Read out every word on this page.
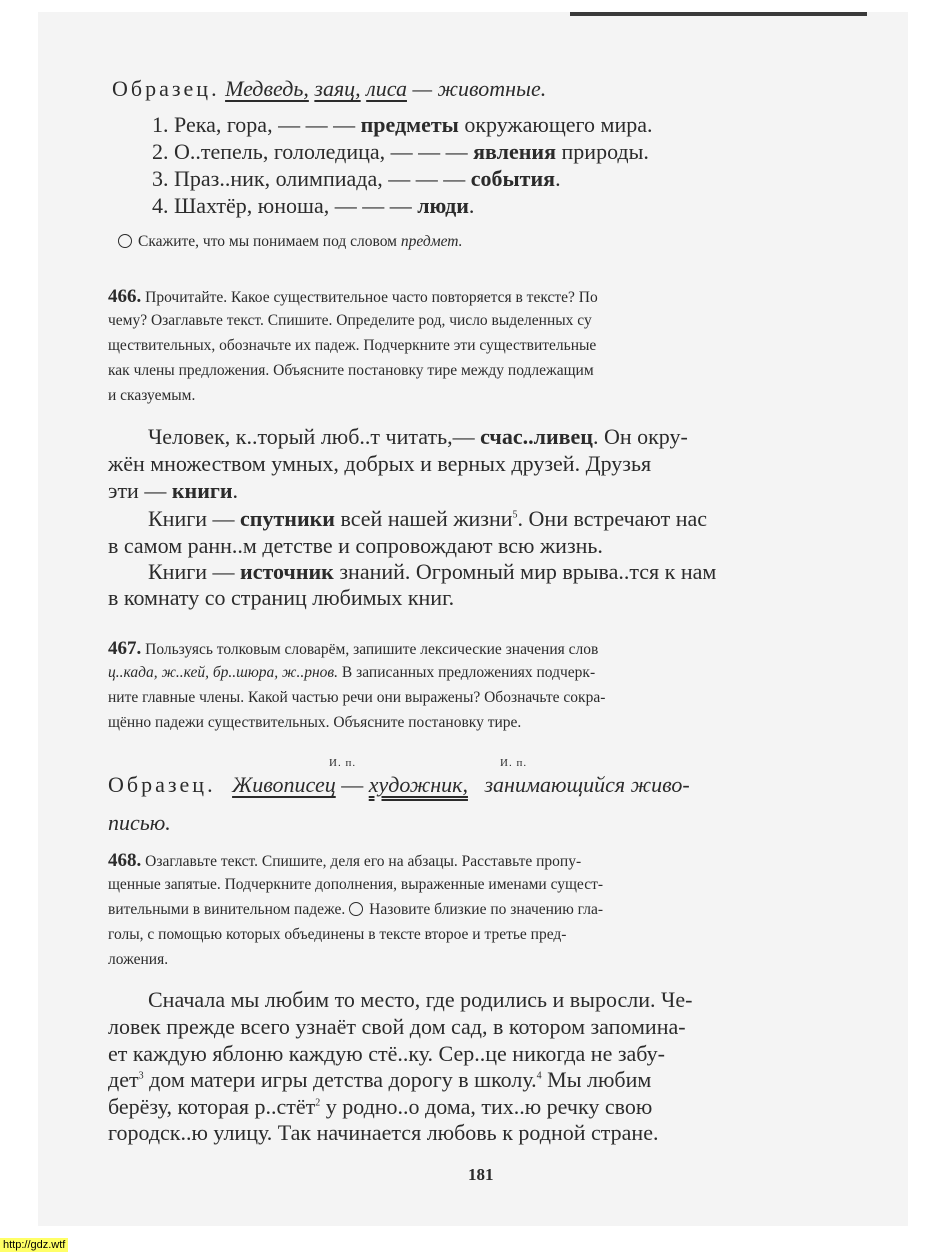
Образец. Медведь, заяц, лиса — животные.
1. Река, гора, — — — предметы окружающего мира.
2. О..тепель, гололедица, — — — явления природы.
3. Праз..ник, олимпиада, — — — события.
4. Шахтёр, юноша, — — — люди.
Скажите, что мы понимаем под словом предмет.
466. Прочитайте. Какое существительное часто повторяется в тексте? По
чему? Озаглавьте текст. Спишите. Определите род, число выделенных су
ществительных, обозначьте их падеж. Подчеркните эти существительные
как члены предложения. Объясните постановку тире между подлежащим
и сказуемым.
Человек, к..торый люб..т читать,— счас..ливец. Он окру-
жён множеством умных, добрых и верных друзей. Друзья
эти — книги.
Книги — спутники всей нашей жизни$^5$. Они встречают нас
в самом ранн..м детстве и сопровождают всю жизнь.
Книги — источник знаний. Огромный мир врыва..тся к нам
в комнату со страниц любимых книг.
467. Пользуясь толковым словарём, запишите лексические значения слов
ц..када, ж..кей, бр..шюра, ж..рнов. В записанных предложениях подчерк-
ните главные члены. Какой частью речи они выражены? Обозначьте сокра-
щённо падежи существительных. Объясните постановку тире.
И. п.	И. п.
Образец. Живописец — художник,   занимающийся живо-
писью.
468. Озаглавьте текст. Спишите, деля его на абзацы. Расставьте пропу-
щенные запятые. Подчеркните дополнения, выраженные именами сущест-
вительными в винительном падеже. Назовите близкие по значению гла-
голы, с помощью которых объединены в тексте второе и третье пред-
ложения.
Сначала мы любим то место, где родились и выросли. Че-
ловек прежде всего узнаёт свой дом сад, в котором запомина-
ет каждую яблоню каждую стё..ку. Сер..це никогда не забу-
дет$^3$ дом матери игры детства дорогу в школу.$^4$ Мы любим
берёзу, которая р..стёт$^2$ у родно..о дома, тих..ю речку свою
городск..ю улицу. Так начинается любовь к родной стране.
181
http://gdz.wtf
